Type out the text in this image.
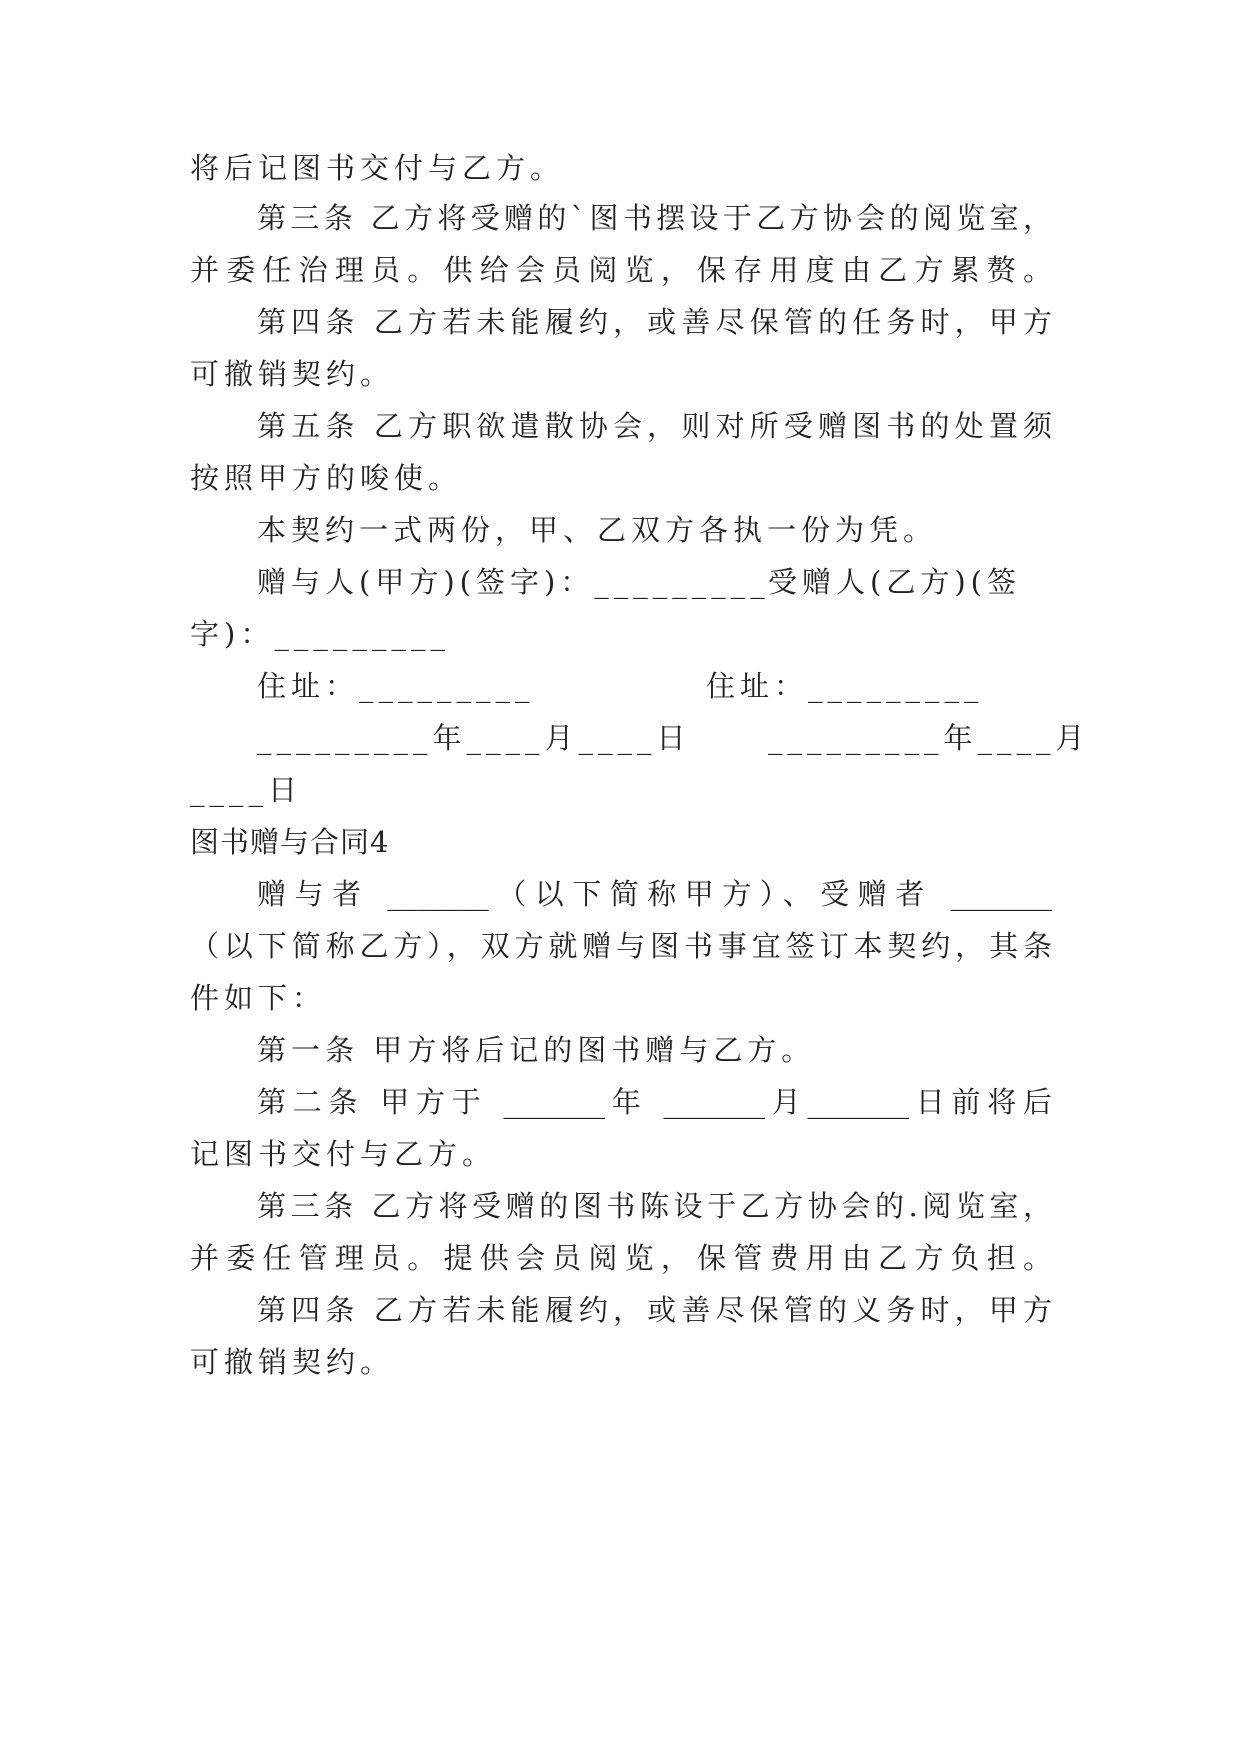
将后记图书交付与乙方。
第三条 乙方将受赠的`图书摆设于乙方协会的阅览室，
并委任治理员。供给会员阅览，保存用度由乙方累赘。
第四条 乙方若未能履约，或善尽保管的任务时，甲方
可撤销契约。
第五条 乙方职欲遣散协会，则对所受赠图书的处置须
按照甲方的唆使。
本契约一式两份，甲、乙双方各执一份为凭。
赠与人(甲方)(签字)：_________
受赠人(乙方)(签
字)：_________
住址：_________	住址：_________
_________年____月____日	_________年____月
____日
图书赠与合同4
赠与者 _______（以下简称甲方）、受赠者 _______
（以下简称乙方），双方就赠与图书事宜签订本契约，其条
件如下：
第一条 甲方将后记的图书赠与乙方。
第二条 甲方于 _______年 _______月_______日前将后
记图书交付与乙方。
第三条 乙方将受赠的图书陈设于乙方协会的.阅览室，
并委任管理员。提供会员阅览，保管费用由乙方负担。
第四条 乙方若未能履约，或善尽保管的义务时，甲方
可撤销契约。
